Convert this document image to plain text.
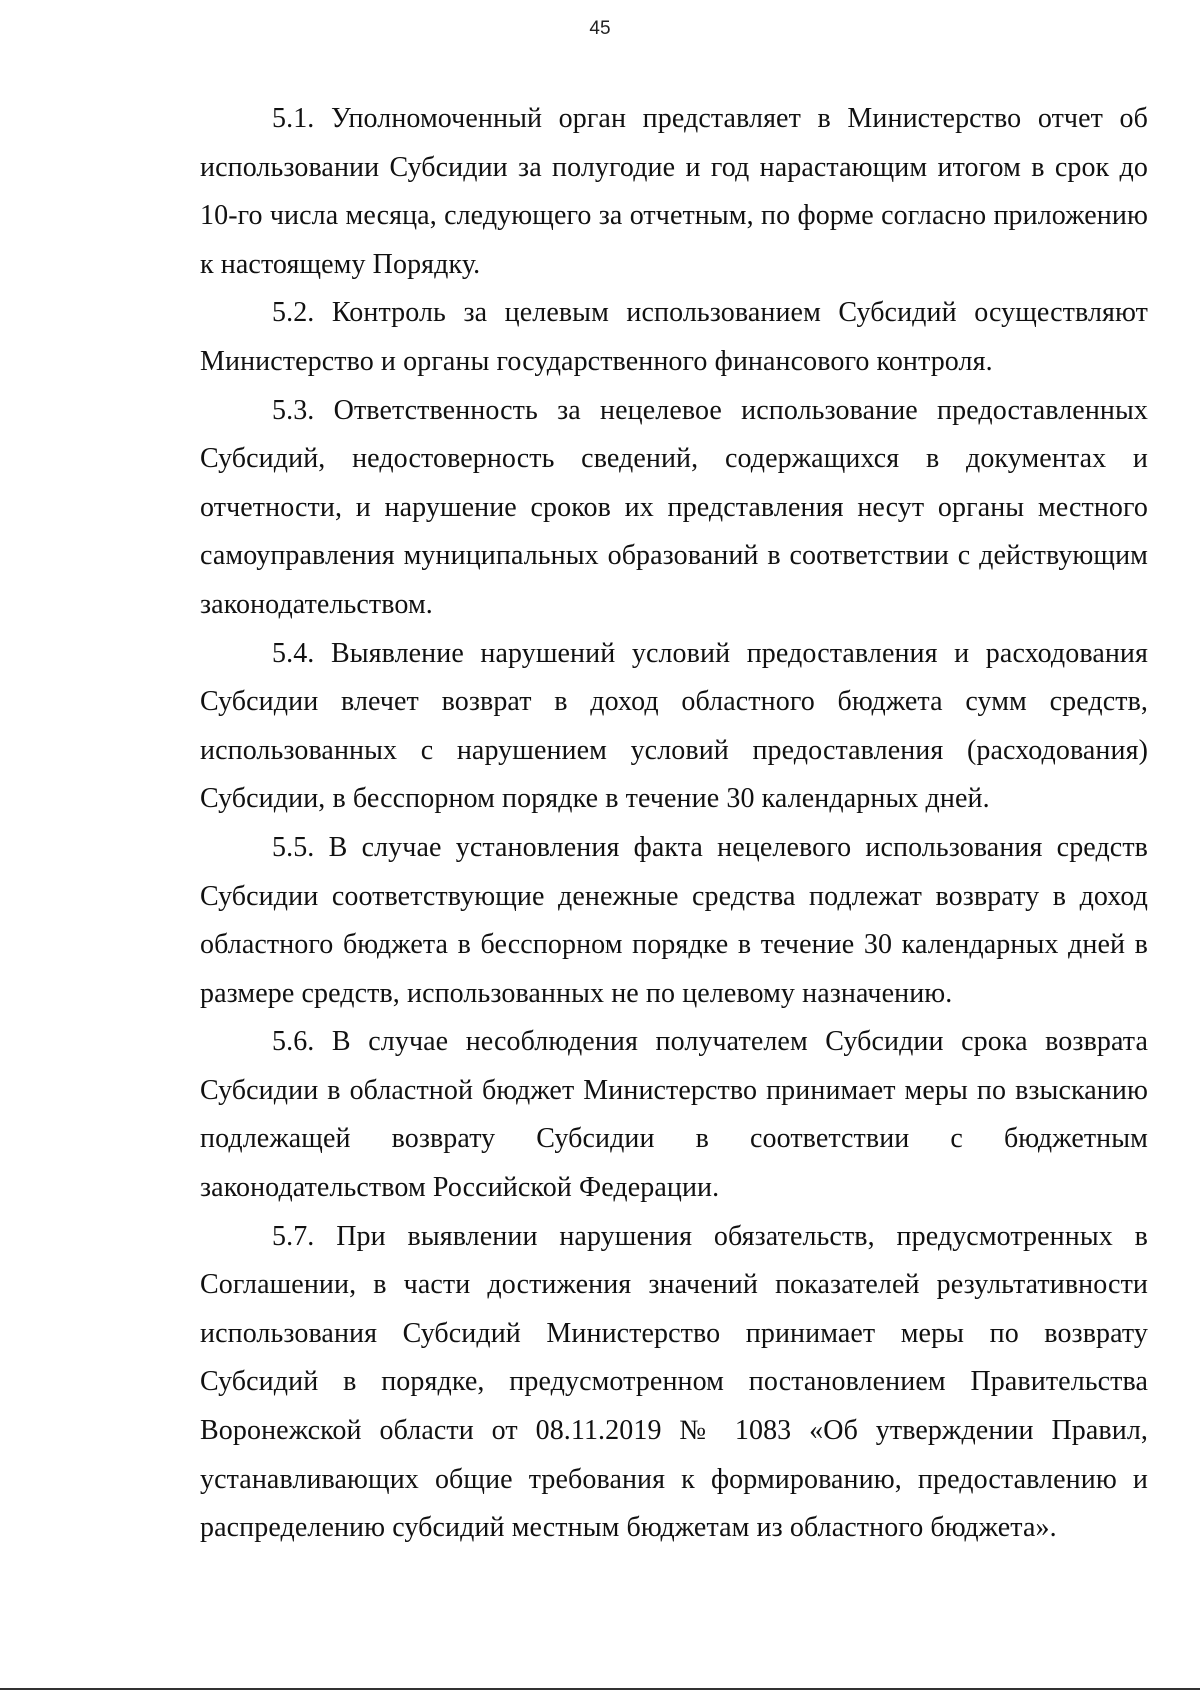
45

5.1. Уполномоченный орган представляет в Министерство отчет об использовании Субсидии за полугодие и год нарастающим итогом в срок до 10-го числа месяца, следующего за отчетным, по форме согласно приложению к настоящему Порядку.

5.2. Контроль за целевым использованием Субсидий осуществляют Министерство и органы государственного финансового контроля.

5.3. Ответственность за нецелевое использование предоставленных Субсидий, недостоверность сведений, содержащихся в документах и отчетности, и нарушение сроков их представления несут органы местного самоуправления муниципальных образований в соответствии с действующим законодательством.

5.4. Выявление нарушений условий предоставления и расходования Субсидии влечет возврат в доход областного бюджета сумм средств, использованных с нарушением условий предоставления (расходования) Субсидии, в бесспорном порядке в течение 30 календарных дней.

5.5. В случае установления факта нецелевого использования средств Субсидии соответствующие денежные средства подлежат возврату в доход областного бюджета в бесспорном порядке в течение 30 календарных дней в размере средств, использованных не по целевому назначению.

5.6. В случае несоблюдения получателем Субсидии срока возврата Субсидии в областной бюджет Министерство принимает меры по взысканию подлежащей возврату Субсидии в соответствии с бюджетным законодательством Российской Федерации.

5.7. При выявлении нарушения обязательств, предусмотренных в Соглашении, в части достижения значений показателей результативности использования Субсидий Министерство принимает меры по возврату Субсидий в порядке, предусмотренном постановлением Правительства Воронежской области от 08.11.2019 № 1083 «Об утверждении Правил, устанавливающих общие требования к формированию, предоставлению и распределению субсидий местным бюджетам из областного бюджета».
